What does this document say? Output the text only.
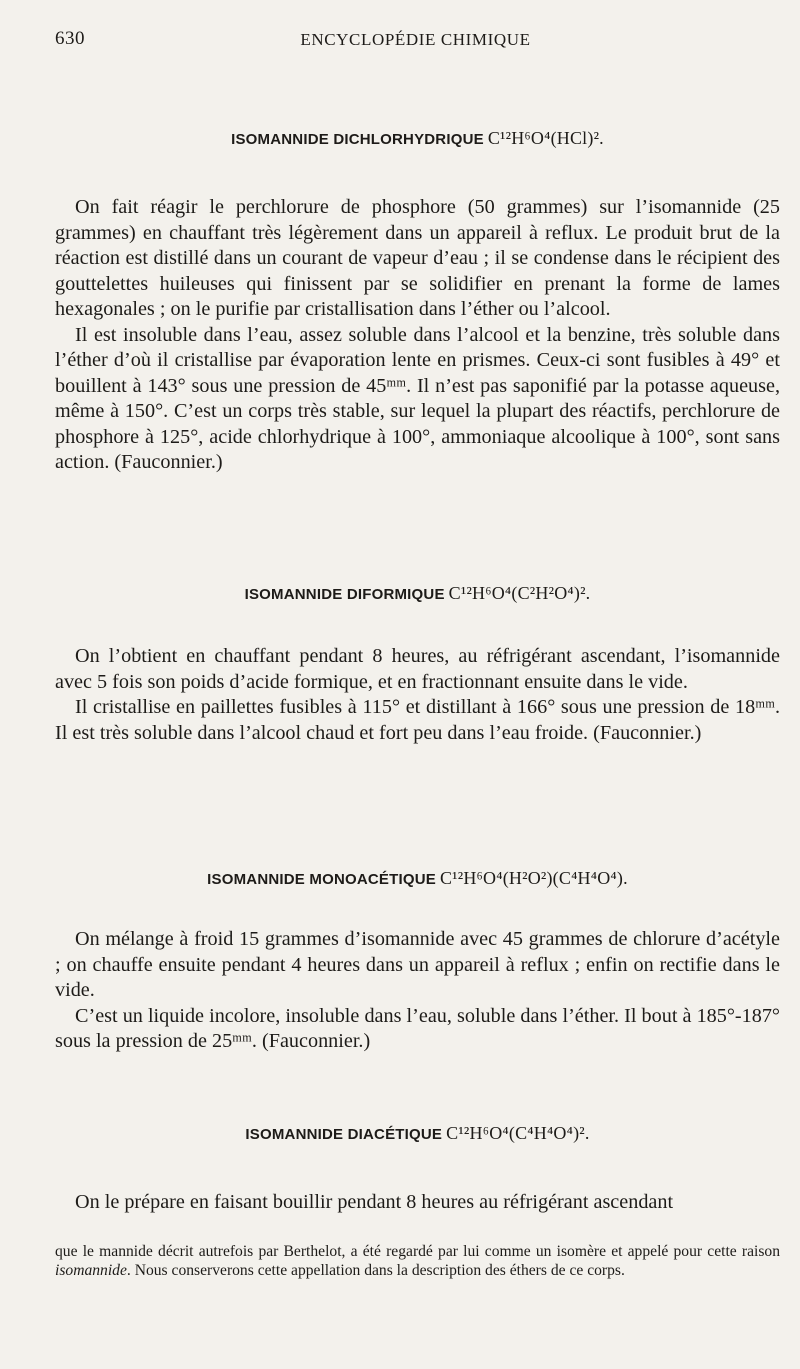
630	ENCYCLOPÉDIE CHIMIQUE
ISOMANNIDE DICHLORHYDRIQUE C¹²H⁶O⁴(HCl)².

On fait réagir le perchlorure de phosphore (50 grammes) sur l’isomannide (25 grammes) en chauffant très légèrement dans un appareil à reflux. Le produit brut de la réaction est distillé dans un courant de vapeur d’eau ; il se condense dans le récipient des gouttelettes huileuses qui finissent par se solidifier en prenant la forme de lames hexagonales ; on le purifie par cristallisation dans l’éther ou l’alcool.

Il est insoluble dans l’eau, assez soluble dans l’alcool et la benzine, très soluble dans l’éther d’où il cristallise par évaporation lente en prismes. Ceux-ci sont fusibles à 49° et bouillent à 143° sous une pression de 45ᵐᵐ. Il n’est pas saponifié par la potasse aqueuse, même à 150°. C’est un corps très stable, sur lequel la plupart des réactifs, perchlorure de phosphore à 125°, acide chlorhydrique à 100°, ammoniaque alcoolique à 100°, sont sans action. (Fauconnier.)

ISOMANNIDE DIFORMIQUE C¹²H⁶O⁴(C²H²O⁴)².

On l’obtient en chauffant pendant 8 heures, au réfrigérant ascendant, l’isomannide avec 5 fois son poids d’acide formique, et en fractionnant ensuite dans le vide.

Il cristallise en paillettes fusibles à 115° et distillant à 166° sous une pression de 18ᵐᵐ. Il est très soluble dans l’alcool chaud et fort peu dans l’eau froide. (Fauconnier.)

ISOMANNIDE MONOACÉTIQUE C¹²H⁶O⁴(H²O²)(C⁴H⁴O⁴).

On mélange à froid 15 grammes d’isomannide avec 45 grammes de chlorure d’acétyle ; on chauffe ensuite pendant 4 heures dans un appareil à reflux ; enfin on rectifie dans le vide.

C’est un liquide incolore, insoluble dans l’eau, soluble dans l’éther. Il bout à 185°-187° sous la pression de 25ᵐᵐ. (Fauconnier.)

ISOMANNIDE DIACÉTIQUE C¹²H⁶O⁴(C⁴H⁴O⁴)².

On le prépare en faisant bouillir pendant 8 heures au réfrigérant ascendant

que le mannide décrit autrefois par Berthelot, a été regardé par lui comme un isomère et appelé pour cette raison isomannide. Nous conserverons cette appellation dans la description des éthers de ce corps.
